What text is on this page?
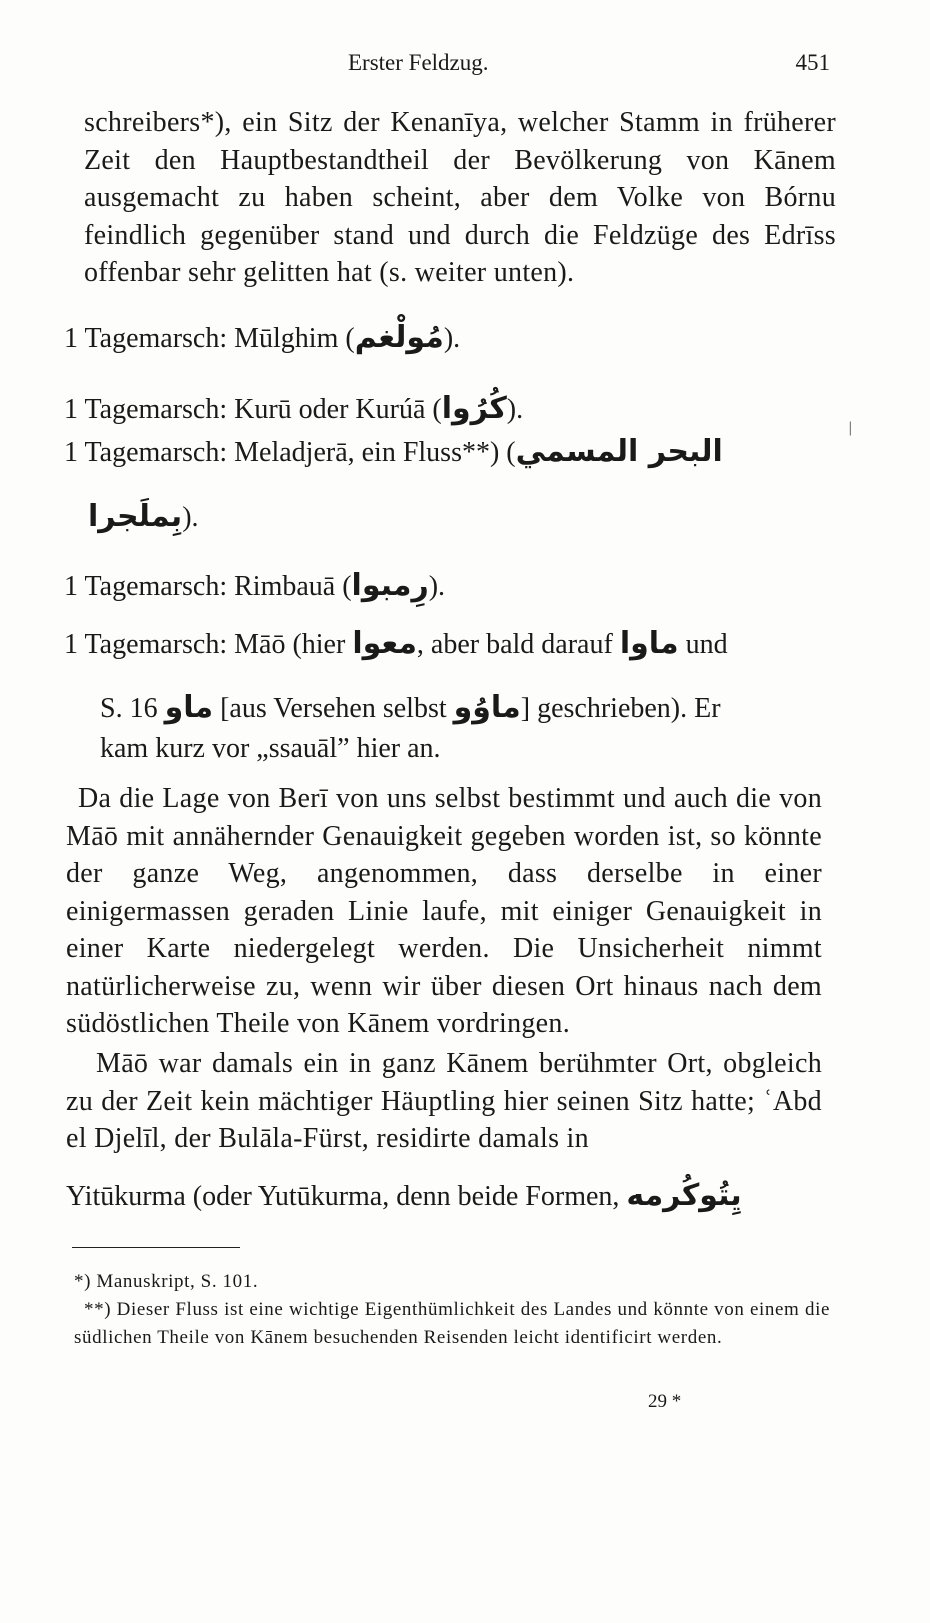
Erster Feldzug.	451
schreibers*), ein Sitz der Kenanīya, welcher Stamm in früherer Zeit den Hauptbestandtheil der Bevölkerung von Kānem ausgemacht zu haben scheint, aber dem Volke von Bórnu feindlich gegenüber stand und durch die Feldzüge des Edrīss offenbar sehr gelitten hat (s. weiter unten).
1 Tagemarsch: Mūlghim (مُولْغم).
1 Tagemarsch: Kurū oder Kurúā (كُرُوا).
1 Tagemarsch: Meladjerā, ein Fluss**) (البحر المسمي
بِملَجرا).
1 Tagemarsch: Rimbauā (رِمبوا).
1 Tagemarsch: Māō (hier معوا, aber bald darauf ماوا und
S. 16 ماو [aus Versehen selbst ماوُو] geschrieben). Er
kam kurz vor „ssauāl” hier an.
Da die Lage von Berī von uns selbst bestimmt und auch die von Māō mit annähernder Genauigkeit gegeben worden ist, so könnte der ganze Weg, angenommen, dass derselbe in einer einigermassen geraden Linie laufe, mit einiger Genauigkeit in einer Karte niedergelegt werden. Die Unsicherheit nimmt natürlicherweise zu, wenn wir über diesen Ort hinaus nach dem südöstlichen Theile von Kānem vordringen.
Māō war damals ein in ganz Kānem berühmter Ort, obgleich zu der Zeit kein mächtiger Häuptling hier seinen Sitz hatte; ʿAbd el Djelīl, der Bulāla-Fürst, residirte damals in
Yitūkurma (oder Yutūkurma, denn beide Formen, يِتُوكُرمه
*) Manuskript, S. 101.
**) Dieser Fluss ist eine wichtige Eigenthümlichkeit des Landes und könnte von einem die südlichen Theile von Kānem besuchenden Reisenden leicht identificirt werden.
29 *
|
